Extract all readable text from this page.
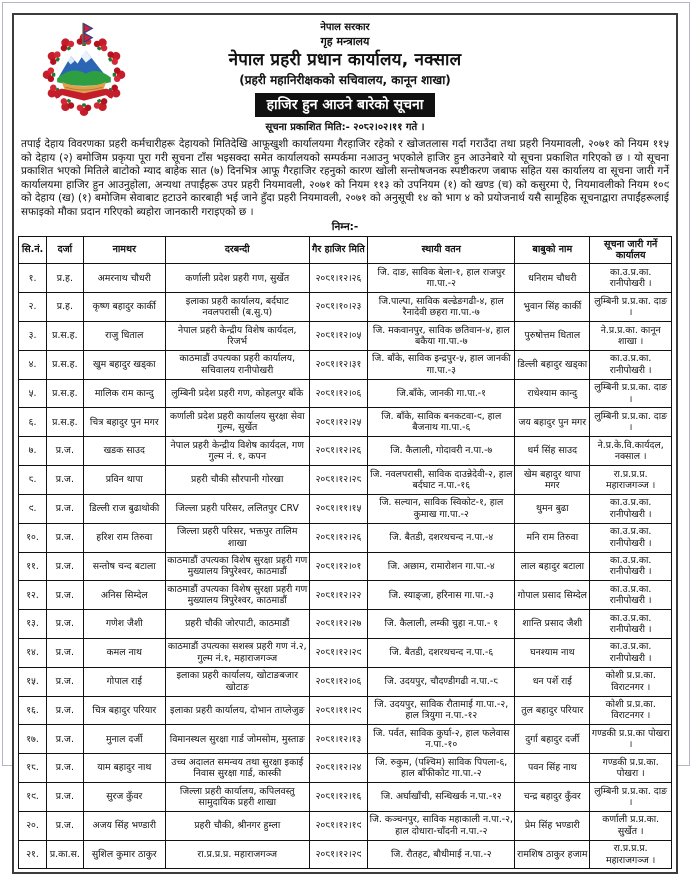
नेपाल सरकार
गृह मन्त्रालय
नेपाल प्रहरी प्रधान कार्यालय, नक्साल
(प्रहरी महानिरीक्षकको सचिवालय, कानून शाखा)
हाजिर हुन आउने बारेको सूचना
सूचना प्रकाशित मिति:- २०८२।०२।११ गते ।

तपाई देहाय विवरणका प्रहरी कर्मचारीहरू देहायको मितिदेखि आफूखुशी कार्यालयमा गैरहाजिर रहेको र खोजतलास गर्दा गराउँदा तथा प्रहरी नियमावली, २०७१ को नियम ११५ को देहाय (२) बमोजिम प्रकृया पूरा गरी सूचना टाँस भइसक्दा समेत कार्यालयको सम्पर्कमा नआउनु भएकोले हाजिर हुन आउनेबारे यो सूचना प्रकाशित गरिएको छ । यो सूचना प्रकाशित भएको मितिले बाटोको म्याद बाहेक सात (७) दिनभित्र आफू गैरहाजिर रहनुको कारण खोली सन्तोषजनक स्पष्टीकरण जबाफ सहित यस कार्यालय वा सूचना जारी गर्ने कार्यालयमा हाजिर हुन आउनुहोला, अन्यथा तपाईंहरू उपर प्रहरी नियमावली, २०७१ को नियम ११३ को उपनियम (१) को खण्ड (च) को कसुरमा ऐ, नियमावलीको नियम १०९ को देहाय (ख) (१) बमोजिम सेवाबाट हटाउने कारबाही भई जाने हुँदा प्रहरी नियमावली, २०७१ को अनुसूची १४ को भाग ४ को प्रयोजनार्थ यसै सामूहिक सूचनाद्वारा तपाईंहरूलाई सफाइको मौका प्रदान गरिएको ब्यहोरा जानकारी गराइएको छ ।

निम्न:-
सि.नं.	दर्जा	नामथर	दरबन्दी	गैर हाजिर मिति	स्थायी वतन	बाबुको नाम	सूचना जारी गर्ने कार्यालय
१.	प्र.ह.	अमरनाथ चौधरी	कर्णाली प्रदेश प्रहरी गण, सुर्खेत	२०८१।१२।२६	जि. दाङ, साविक बेला-१, हाल राजपुर गा.पा.-२	धनिराम चौधरी	का.उ.प्र.का. रानीपोखरी ।
२.	प्र.ह.	कृष्ण बहादुर कार्की	इलाका प्रहरी कार्यालय, बर्दघाट नवलपरासी (ब.सु.प)	२०८१।१०।२३	जि.पाल्पा, साविक बल्ढेङगढी-४, हाल रैनादेवी छहरा गा.पा.-७	भुवान सिंह कार्की	लुम्बिनी प्र.प्र.का. दाङ ।
३.	प्र.स.ह.	राजु धिताल	नेपाल प्रहरी केन्द्रीय विशेष कार्यदल, रिजर्भ	२०८१।१२।०५	जि. मकवानपुर, साविक छतिवान-४, हाल बकैया गा.पा.-७	पुरुषोत्तम धिताल	ने.प्र.प्र.का. कानून शाखा ।
४.	प्र.स.ह.	खुम बहादुर खड्का	काठमाडौं उपत्यका प्रहरी कार्यालय, सचिवालय रानीपोखरी	२०८१।१२।३१	जि. बाँके, साविक इन्द्रपुर-५, हाल जानकी गा.पा.-३	डिल्ली बहादुर खड्का	का.उ.प्र.का. रानीपोखरी ।
५.	प्र.स.ह.	मालिक राम कान्दु	लुम्बिनी प्रदेश प्रहरी गण, कोहलपुर बाँके	२०८१।१२।०६	जि.बाँके, जानकी गा.पा.-१	राधेश्याम कान्दु	लुम्बिनी प्र.प्र.का. दाङ ।
६.	प्र.स.ह.	चित्र बहादुर पुन मगर	कर्णाली प्रदेश प्रहरी कार्यालय सुरक्षा सेवा गुल्म, सुर्खेत	२०८१।१२।२५	जि. बाँके, साविक बनकटवा-९, हाल बैजनाथ गा.पा.-६	जय बहादुर पुन मगर	लुम्बिनी प्र.प्र.का. दाङ ।
७.	प्र.ज.	खडक साउद	नेपाल प्रहरी केन्द्रीय विशेष कार्यदल, गण गुल्म नं. १, कपन	२०८१।१२।२६	जि. कैलाली, गोदावरी न.पा.-७	धर्म सिंह साउद	ने.प्र.के.वि.कार्यदल, नक्साल ।
८.	प्र.ज.	प्रविन थापा	प्रहरी चौकी सौरपानी गोरखा	२०८१।१२।२८	जि. नवलपरासी, साविक दाउन्नेदेवी-२, हाल बर्दघाट न.पा.-१६	खेम बहादुर थापा मगर	रा.प्र.प्र.प्र. महाराजगञ्ज ।
९.	प्र.ज.	डिल्ली राज बुढाथोकी	जिल्ला प्रहरी परिसर, ललितपुर CRV	२०८१।११।१५	जि. सल्यान, साविक स्विकोट-१, हाल कुमाख गा.पा.-२	थुमन बुढा	का.उ.प्र.का. रानीपोखरी ।
१०.	प्र.ज.	हरिश राम तिरुवा	जिल्ला प्रहरी परिसर, भक्तपुर तालिम शाखा	२०८१।१२।२६	जि. बैतडी, दशरथचन्द न.पा.-४	मनि राम तिरुवा	का.उ.प्र.का. रानीपोखरी ।
११.	प्र.ज.	सन्तोष चन्द बटाला	काठमाडौं उपत्यका विशेष सुरक्षा प्रहरी गण मुख्यालय त्रिपुरेश्वर, काठमाडौं	२०८१।१२।०१	जि. अछाम, रामारोशन गा.पा.-४	लाल बहादुर बटाला	का.उ.प्र.का. रानीपोखरी ।
१२.	प्र.ज.	अनिस सिम्देल	काठमाडौं उपत्यका विशेष सुरक्षा प्रहरी गण मुख्यालय त्रिपुरेश्वर, काठमाडौं	२०८१।१२।२२	जि. स्याङ्जा, हरिनास गा.पा.-३	गोपाल प्रसाद सिम्देल	का.उ.प्र.का. रानीपोखरी ।
१३.	प्र.ज.	गणेश जैशी	प्रहरी चौकी जोरपाटी, काठमाडौं	२०८१।१२।२७	जि. कैलाली, लम्की चुहा न.पा.- १	शान्ति प्रसाद जैशी	का.उ.प्र.का. रानीपोखरी ।
१४.	प्र.ज.	कमल नाथ	काठमाडौं उपत्यका सशस्त्र प्रहरी गण नं.२, गुल्म नं.१, महाराजगञ्ज	२०८१।१२।२९	जि. बैतडी, दशरथचन्द न.पा.-६	घनश्याम नाथ	का.उ.प्र.का. रानीपोखरी ।
१५.	प्र.ज.	गोपाल राई	इलाका प्रहरी कार्यालय, खोटाङबजार खोटाङ	२०८१।१२।०६	जि. उदयपुर, चौदण्डीगढी न.पा.-८	धन पर्शे राई	कोशी प्र.प्र.का. विराटनगर ।
१६.	प्र.ज.	चित्र बहादुर परियार	इलाका प्रहरी कार्यालय, दोभान ताप्लेजुङ	२०८१।११।२९	जि. उदयपुर, साविक रौतामाई गा.पा.-२, हाल त्रियुगा न.पा.-१२	तुल बहादुर परियार	कोशी प्र.प्र.का. विराटनगर ।
१७.	प्र.ज.	मुनाल दर्जी	विमानस्थल सुरक्षा गार्ड जोमसोम, मुस्ताङ	२०८१।१२।१३	जि. पर्वत, साविक कुर्घा-२, हाल फलेवास न.पा.-१०	दुर्गा बहादुर दर्जी	गण्डकी प्र.प्र.का पोखरा ।
१८.	प्र.ज.	याम बहादुर नाथ	उच्च अदालत समन्वय तथा सुरक्षा इकाई निवास सुरक्षा गार्ड, कास्की	२०८१।१२।२४	जि. रुकुम, (पश्चिम) साविक पिपला-६, हाल बाँफीकोट गा.पा.-२	पवन सिंह नाथ	गण्डकी प्र.प्र.का. पोखरा ।
१९.	प्र.ज.	सुरज कुँवर	जिल्ला प्रहरी कार्यालय, कपिलवस्तु सामुदायिक प्रहरी शाखा	२०८१।१२।१६	जि. अर्घाखाँची, सन्धिखर्क न.पा.-१२	चन्द्र बहादुर कुँवर	लुम्बिनी प्र.प्र.का. दाङ ।
२०.	प्र.ज.	अजय सिंह भण्डारी	प्रहरी चौकी, श्रीनगर हुम्ला	२०८१।१२।१९	जि. कञ्चनपुर, साविक महाकाली न.पा.-२, हाल दोधारा-चाँदनी न.पा.-२	प्रेम सिंह भण्डारी	कर्णाली प्र.प्र.का. सुर्खेत ।
२१.	प्र.का.स.	सुशिल कुमार ठाकुर	रा.प्र.प्र.प्र. महाराजगञ्ज	२०८१।१२।२९	जि. रौतहट, बौधीमाई न.पा.-२	रामशिष ठाकुर हजाम	रा.प्र.प्र.प्र. महाराजगञ्ज ।
